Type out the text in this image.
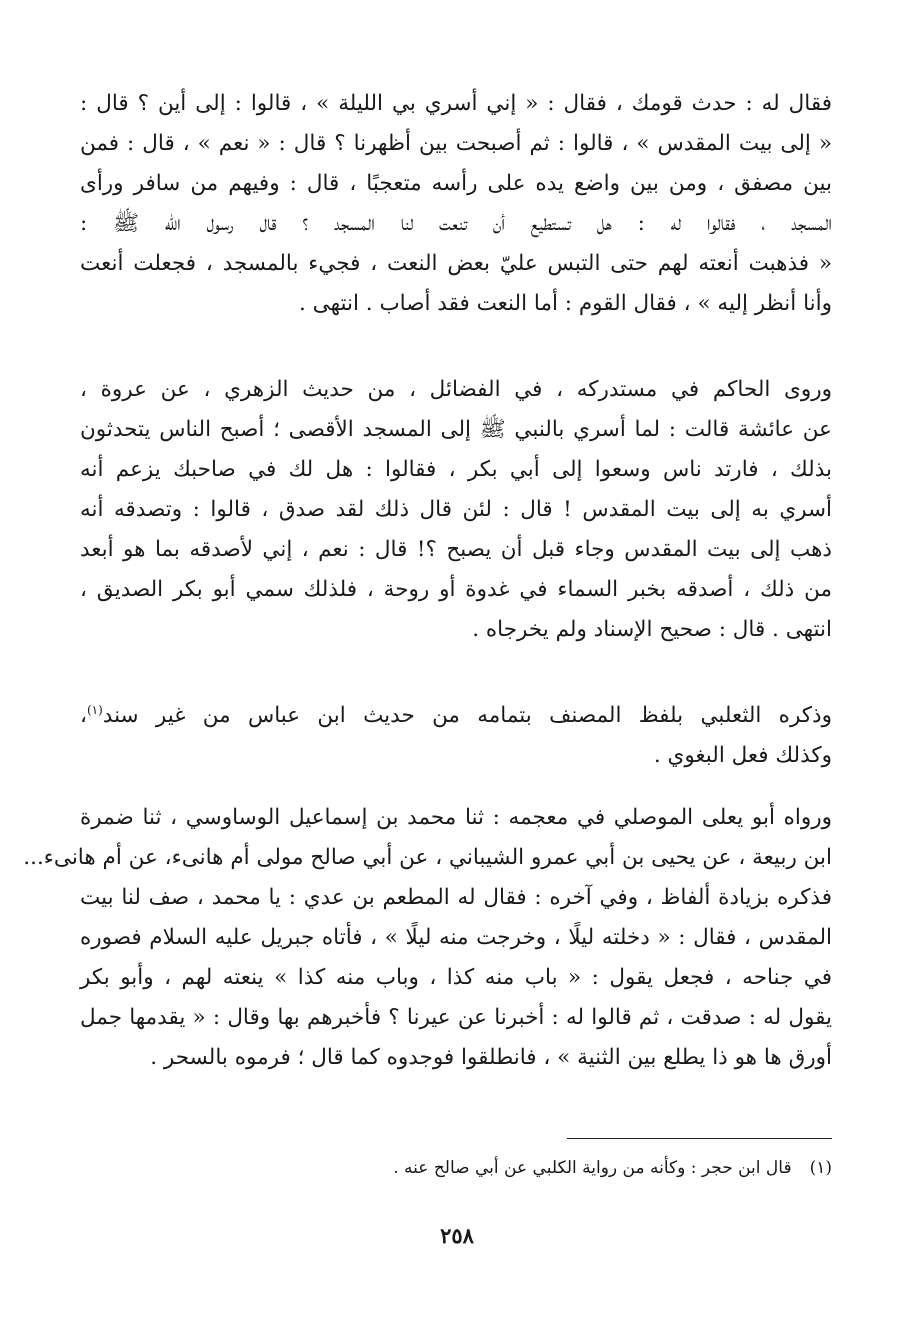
فقال له : حدث قومك ، فقال : « إني أسري بي الليلة » ، قالوا : إلى أين ؟ قال :
« إلى بيت المقدس » ، قالوا : ثم أصبحت بين أظهرنا ؟ قال : « نعم » ، قال : فمن
بين مصفق ، ومن بين واضع يده على رأسه متعجبًا ، قال : وفيهم من سافر ورأى
المسجد ، فقالوا له : هل تستطيع أن تنعت لنا المسجد ؟ قال رسول الله ﷺ :
« فذهبت أنعته لهم حتى التبس عليّ بعض النعت ، فجيء بالمسجد ، فجعلت أنعت
وأنا أنظر إليه » ، فقال القوم : أما النعت فقد أصاب . انتهى .
وروى الحاكم في مستدركه ، في الفضائل ، من حديث الزهري ، عن عروة ،
عن عائشة قالت : لما أسري بالنبي ﷺ إلى المسجد الأقصى ؛ أصبح الناس يتحدثون
بذلك ، فارتد ناس وسعوا إلى أبي بكر ، فقالوا : هل لك في صاحبك يزعم أنه
أسري به إلى بيت المقدس ! قال : لئن قال ذلك لقد صدق ، قالوا : وتصدقه أنه
ذهب إلى بيت المقدس وجاء قبل أن يصبح ؟! قال : نعم ، إني لأصدقه بما هو أبعد
من ذلك ، أصدقه بخبر السماء في غدوة أو روحة ، فلذلك سمي أبو بكر الصديق ،
انتهى . قال : صحيح الإسناد ولم يخرجاه .
وذكره الثعلبي بلفظ المصنف بتمامه من حديث ابن عباس من غير سند$^{(١)}$،
وكذلك فعل البغوي .
ورواه أبو يعلى الموصلي في معجمه : ثنا محمد بن إسماعيل الوساوسي ، ثنا ضمرة
ابن ربيعة ، عن يحيى بن أبي عمرو الشيباني ، عن أبي صالح مولى أم هانىء، عن أم هانىء...
فذكره بزيادة ألفاظ ، وفي آخره : فقال له المطعم بن عدي : يا محمد ، صف لنا بيت
المقدس ، فقال : « دخلته ليلًا ، وخرجت منه ليلًا » ، فأتاه جبريل عليه السلام فصوره
في جناحه ، فجعل يقول : « باب منه كذا ، وباب منه كذا » ينعته لهم ، وأبو بكر
يقول له : صدقت ، ثم قالوا له : أخبرنا عن عيرنا ؟ فأخبرهم بها وقال : « يقدمها جمل
أورق ها هو ذا يطلع بين الثنية » ، فانطلقوا فوجدوه كما قال ؛ فرموه بالسحر .
(١)قال ابن حجر : وكأنه من رواية الكلبي عن أبي صالح عنه .
٢٥٨
